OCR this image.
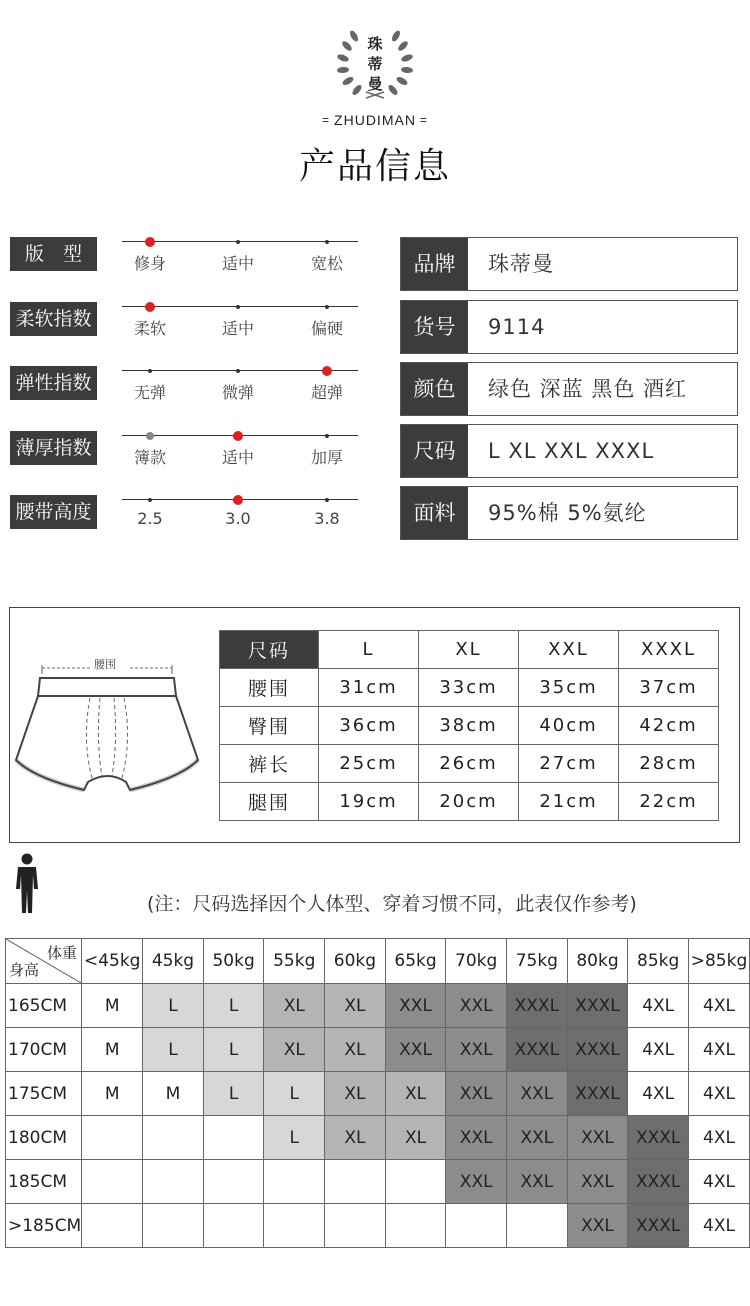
珠
蒂
曼
= ZHUDIMAN =
产品信息
版　型	修身	适中	宽松
柔软指数	柔软	适中	偏硬
弹性指数	无弹	微弹	超弹
薄厚指数	簿款	适中	加厚
腰带高度	2.5	3.0	3.8
品牌	珠蒂曼
货号	9114
颜色	绿色 深蓝 黑色 酒红
尺码	L XL XXL XXXL
面料	95%棉 5%氨纶
腰围
尺码	L	XL	XXL	XXXL
腰围	31cm	33cm	35cm	37cm
臀围	36cm	38cm	40cm	42cm
裤长	25cm	26cm	27cm	28cm
腿围	19cm	20cm	21cm	22cm
(注：尺码选择因个人体型、穿着习惯不同，此表仅作参考)
体重
身高	<45kg	45kg	50kg	55kg	60kg	65kg	70kg	75kg	80kg	85kg	>85kg
165CM	M	L	L	XL	XL	XXL	XXL	XXXL	XXXL	4XL	4XL
170CM	M	L	L	XL	XL	XXL	XXL	XXXL	XXXL	4XL	4XL
175CM	M	M	L	L	XL	XL	XXL	XXL	XXXL	4XL	4XL
180CM				L	XL	XL	XXL	XXL	XXL	XXXL	4XL
185CM							XXL	XXL	XXL	XXXL	4XL
>185CM									XXL	XXXL	4XL
